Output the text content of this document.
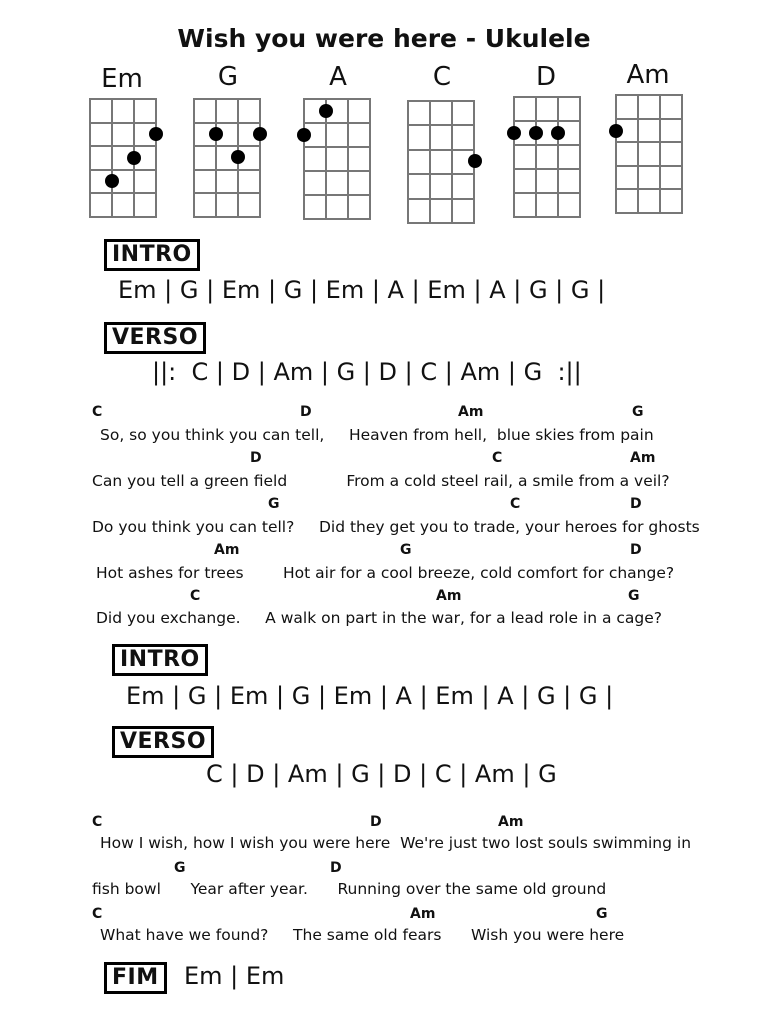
Wish you were here - Ukulele
Em	G	A	C	D	Am
INTRO
Em | G | Em | G | Em | A | Em | A | G | G |
VERSO
||:  C | D | Am | G | D | C | Am | G  :||
C	D	Am	G
So, so you think you can tell,     Heaven from hell,  blue skies from pain
D	C	Am
Can you tell a green field            From a cold steel rail, a smile from a veil?
G	C	D
Do you think you can tell?     Did they get you to trade, your heroes for ghosts
Am	G	D
Hot ashes for trees        Hot air for a cool breeze, cold comfort for change?
C	Am	G
Did you exchange.     A walk on part in the war, for a lead role in a cage?
INTRO
Em | G | Em | G | Em | A | Em | A | G | G |
VERSO
C | D | Am | G | D | C | Am | G
C	D	Am
How I wish, how I wish you were here  We're just two lost souls swimming in
G	D
fish bowl      Year after year.      Running over the same old ground
C	Am	G
What have we found?     The same old fears      Wish you were here
FIM	Em | Em
